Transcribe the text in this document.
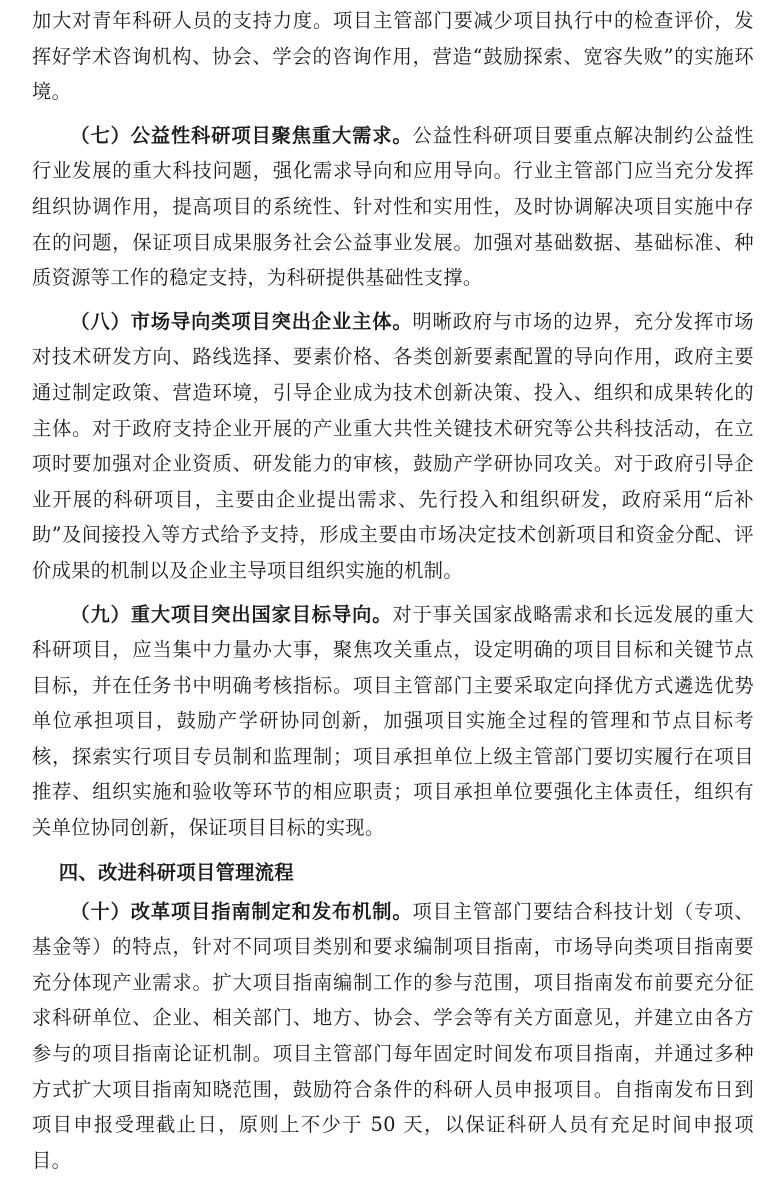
加大对青年科研人员的支持力度。项目主管部门要减少项目执行中的检查评价，发挥好学术咨询机构、协会、学会的咨询作用，营造“鼓励探索、宽容失败”的实施环境。

（七）公益性科研项目聚焦重大需求。公益性科研项目要重点解决制约公益性行业发展的重大科技问题，强化需求导向和应用导向。行业主管部门应当充分发挥组织协调作用，提高项目的系统性、针对性和实用性，及时协调解决项目实施中存在的问题，保证项目成果服务社会公益事业发展。加强对基础数据、基础标准、种质资源等工作的稳定支持，为科研提供基础性支撑。

（八）市场导向类项目突出企业主体。明晰政府与市场的边界，充分发挥市场对技术研发方向、路线选择、要素价格、各类创新要素配置的导向作用，政府主要通过制定政策、营造环境，引导企业成为技术创新决策、投入、组织和成果转化的主体。对于政府支持企业开展的产业重大共性关键技术研究等公共科技活动，在立项时要加强对企业资质、研发能力的审核，鼓励产学研协同攻关。对于政府引导企业开展的科研项目，主要由企业提出需求、先行投入和组织研发，政府采用“后补助”及间接投入等方式给予支持，形成主要由市场决定技术创新项目和资金分配、评价成果的机制以及企业主导项目组织实施的机制。

（九）重大项目突出国家目标导向。对于事关国家战略需求和长远发展的重大科研项目，应当集中力量办大事，聚焦攻关重点，设定明确的项目目标和关键节点目标，并在任务书中明确考核指标。项目主管部门主要采取定向择优方式遴选优势单位承担项目，鼓励产学研协同创新，加强项目实施全过程的管理和节点目标考核，探索实行项目专员制和监理制；项目承担单位上级主管部门要切实履行在项目推荐、组织实施和验收等环节的相应职责；项目承担单位要强化主体责任，组织有关单位协同创新，保证项目目标的实现。

四、改进科研项目管理流程

（十）改革项目指南制定和发布机制。项目主管部门要结合科技计划（专项、基金等）的特点，针对不同项目类别和要求编制项目指南，市场导向类项目指南要充分体现产业需求。扩大项目指南编制工作的参与范围，项目指南发布前要充分征求科研单位、企业、相关部门、地方、协会、学会等有关方面意见，并建立由各方参与的项目指南论证机制。项目主管部门每年固定时间发布项目指南，并通过多种方式扩大项目指南知晓范围，鼓励符合条件的科研人员申报项目。自指南发布日到项目申报受理截止日，原则上不少于 50 天，以保证科研人员有充足时间申报项目。
